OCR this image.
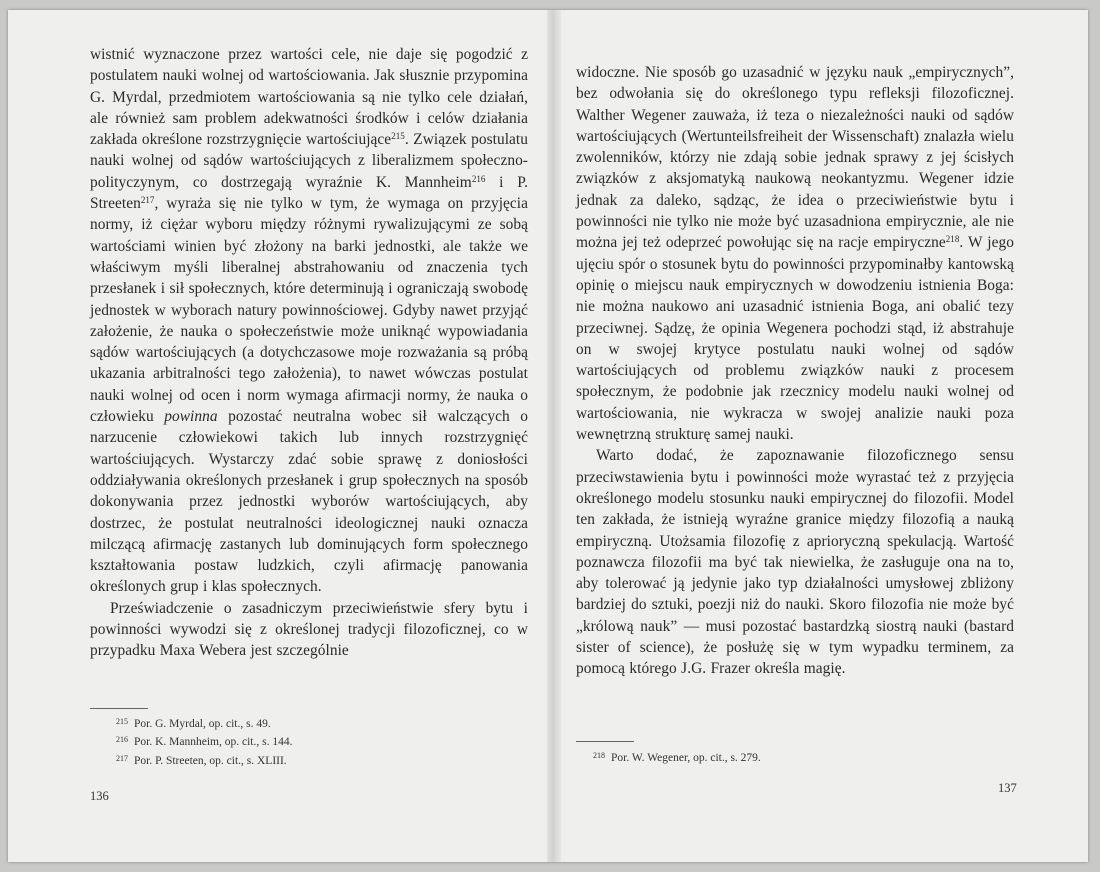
wistnić wyznaczone przez wartości cele, nie daje się pogodzić z postulatem nauki wolnej od wartościowania. Jak słusznie przypomina G. Myrdal, przedmiotem wartościowania są nie tylko cele działań, ale również sam problem adekwatności środków i celów działania zakłada określone rozstrzygnięcie wartościujące$^{215}$. Związek postulatu nauki wolnej od sądów wartościujących z liberalizmem społeczno-polityczynym, co dostrzegają wyraźnie K. Mannheim$^{216}$ i P. Streeten$^{217}$, wyraża się nie tylko w tym, że wymaga on przyjęcia normy, iż ciężar wyboru między różnymi rywalizującymi ze sobą wartościami winien być złożony na barki jednostki, ale także we właściwym myśli liberalnej abstrahowaniu od znaczenia tych przesłanek i sił społecznych, które determinują i ograniczają swobodę jednostek w wyborach natury powinnościowej. Gdyby nawet przyjąć założenie, że nauka o społeczeństwie może uniknąć wypowiadania sądów wartościujących (a dotychczasowe moje rozważania są próbą ukazania arbitralności tego założenia), to nawet wówczas postulat nauki wolnej od ocen i norm wymaga afirmacji normy, że nauka o człowieku powinna pozostać neutralna wobec sił walczących o narzucenie człowiekowi takich lub innych rozstrzygnięć wartościujących. Wystarczy zdać sobie sprawę z doniosłości oddziaływania określonych przesłanek i grup społecznych na sposób dokonywania przez jednostki wyborów wartościujących, aby dostrzec, że postulat neutralności ideologicznej nauki oznacza milczącą afirmację zastanych lub dominujących form społecznego kształtowania postaw ludzkich, czyli afirmację panowania określonych grup i klas społecznych.

Przeświadczenie o zasadniczym przeciwieństwie sfery bytu i powinności wywodzi się z określonej tradycji filozoficznej, co w przypadku Maxa Webera jest szczególnie

$^{215}$ Por. G. Myrdal, op. cit., s. 49.
$^{216}$ Por. K. Mannheim, op. cit., s. 144.
$^{217}$ Por. P. Streeten, op. cit., s. XLIII.
136

widoczne. Nie sposób go uzasadnić w języku nauk „empirycznych”, bez odwołania się do określonego typu refleksji filozoficznej. Walther Wegener zauważa, iż teza o niezależności nauki od sądów wartościujących (Wertunteilsfreiheit der Wissenschaft) znalazła wielu zwolenników, którzy nie zdają sobie jednak sprawy z jej ścisłych związków z aksjomatyką naukową neokantyzmu. Wegener idzie jednak za daleko, sądząc, że idea o przeciwieństwie bytu i powinności nie tylko nie może być uzasadniona empirycznie, ale nie można jej też odeprzeć powołując się na racje empiryczne$^{218}$. W jego ujęciu spór o stosunek bytu do powinności przypominałby kantowską opinię o miejscu nauk empirycznych w dowodzeniu istnienia Boga: nie można naukowo ani uzasadnić istnienia Boga, ani obalić tezy przeciwnej. Sądzę, że opinia Wegenera pochodzi stąd, iż abstrahuje on w swojej krytyce postulatu nauki wolnej od sądów wartościujących od problemu związków nauki z procesem społecznym, że podobnie jak rzecznicy modelu nauki wolnej od wartościowania, nie wykracza w swojej analizie nauki poza wewnętrzną strukturę samej nauki.

Warto dodać, że zapoznawanie filozoficznego sensu przeciwstawienia bytu i powinności może wyrastać też z przyjęcia określonego modelu stosunku nauki empirycznej do filozofii. Model ten zakłada, że istnieją wyraźne granice między filozofią a nauką empiryczną. Utożsamia filozofię z aprioryczną spekulacją. Wartość poznawcza filozofii ma być tak niewielka, że zasługuje ona na to, aby tolerować ją jedynie jako typ działalności umysłowej zbliżony bardziej do sztuki, poezji niż do nauki. Skoro filozofia nie może być „królową nauk” — musi pozostać bastardzką siostrą nauki (bastard sister of science), że posłużę się w tym wypadku terminem, za pomocą którego J.G. Frazer określa magię.

$^{218}$ Por. W. Wegener, op. cit., s. 279.
137
